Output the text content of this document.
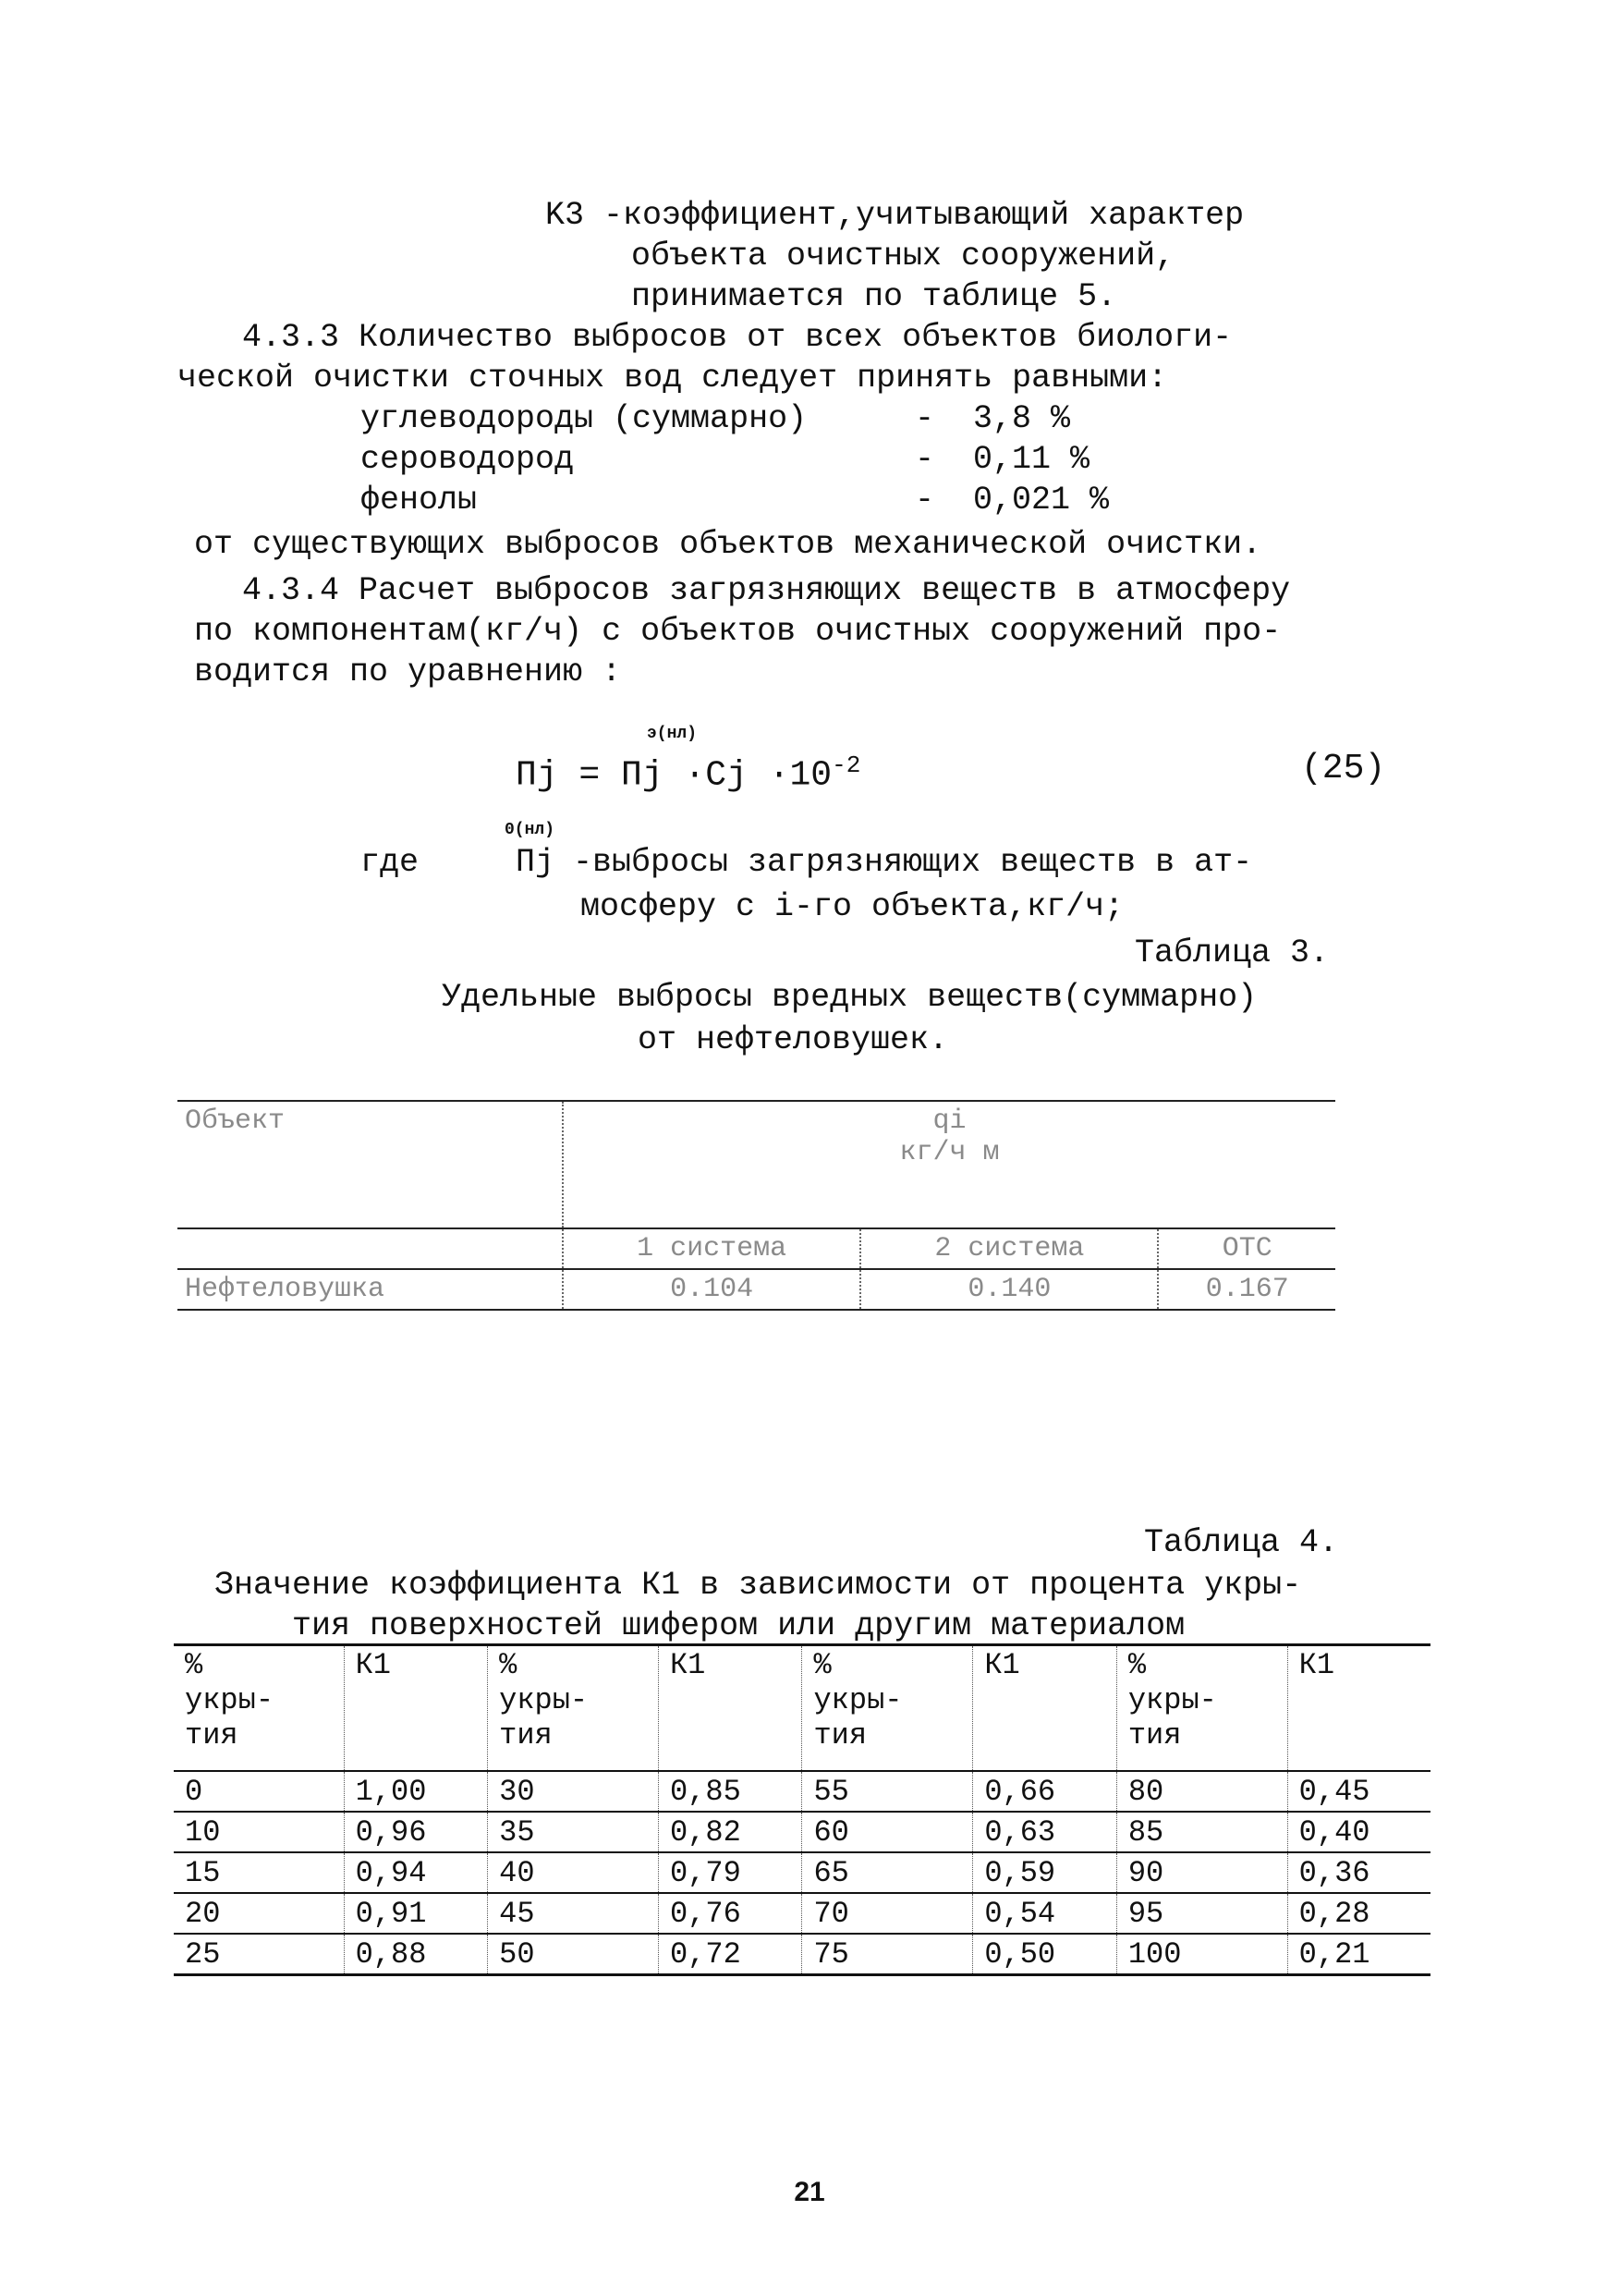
K3 -коэффициент,учитывающий характер
объекта очистных сооружений,
принимается по таблице 5.
4.3.3 Количество выбросов от всех объектов биологи-
ческой очистки сточных вод следует принять равными:
углеводороды (суммарно)	-  3,8 %
сероводород	-  0,11 %
фенолы	-  0,021 %
от существующих выбросов объектов механической очистки.
4.3.4 Расчет выбросов загрязняющих веществ в атмосферу
по компонентам(кг/ч) с объектов очистных сооружений про-
водится по уравнению :
э(нл)
Пj = Пj $\cdot Cj \cdot 10^{-2}$	(25)
0(нл)
где	Пj -выбросы загрязняющих веществ в ат-
мосферу с i-го объекта,кг/ч;
Таблица 3.
Удельные выбросы вредных веществ(суммарно)
от нефтеловушек.
Объект	qi
кг/ч м		

	1 система	2 система	ОТС
Нефтеловушка	0.104	0.140	0.167
Таблица 4.
Значение коэффициента К1 в зависимости от процента укры-
тия поверхностей шифером или другим материалом
%
укры-
тия	К1	%
укры-
тия	К1	%
укры-
тия	К1	%
укры-
тия	К1
0	1,00	30	0,85	55	0,66	80	0,45
10	0,96	35	0,82	60	0,63	85	0,40
15	0,94	40	0,79	65	0,59	90	0,36
20	0,91	45	0,76	70	0,54	95	0,28
25	0,88	50	0,72	75	0,50	100	0,21
21
